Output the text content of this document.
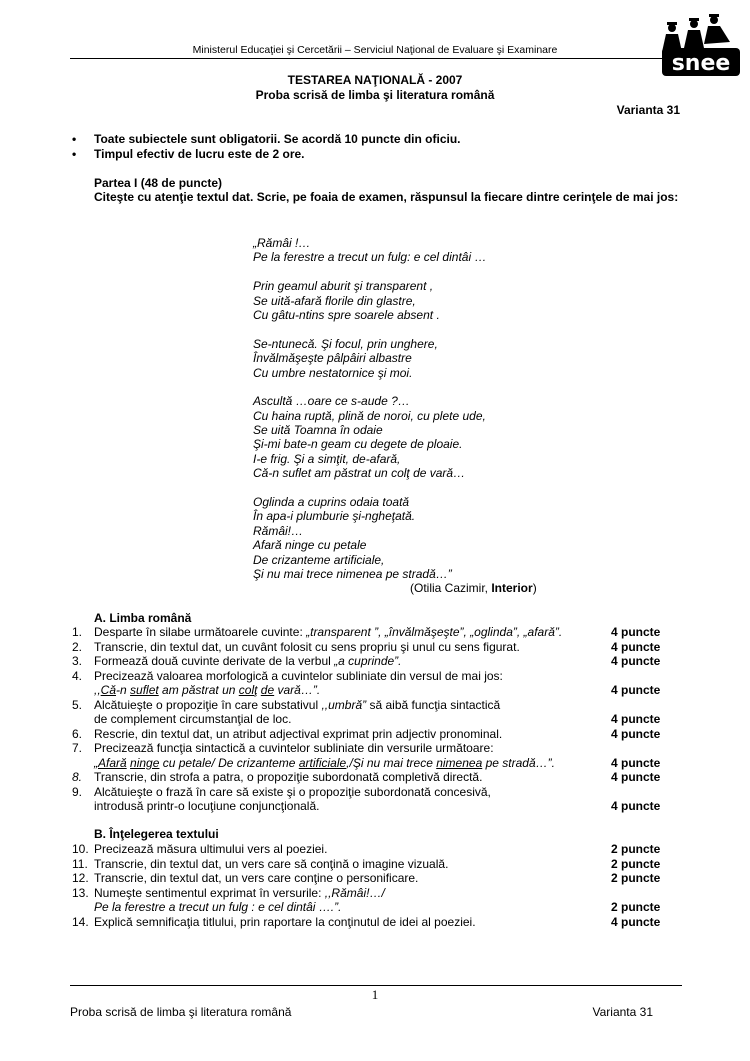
Ministerul Educaţiei şi Cercetării – Serviciul Naţional de Evaluare şi Examinare
snee
TESTAREA NAŢIONALĂ - 2007
Proba scrisă de limba şi literatura română
Varianta 31
• Toate subiectele sunt obligatorii. Se acordă 10 puncte din oficiu.
• Timpul efectiv de lucru este de 2 ore.
Partea I (48 de puncte)
Citeşte cu atenţie textul dat. Scrie, pe foaia de examen, răspunsul la fiecare dintre cerinţele de mai jos:
„Rămâi !…
Pe la ferestre a trecut un fulg: e cel dintâi …
Prin geamul aburit şi transparent ,
Se uită-afară florile din glastre,
Cu gâtu-ntins spre soarele absent .
Se-ntunecă. Şi focul, prin unghere,
Învălmăşeşte pâlpâiri albastre
Cu umbre nestatornice şi moi.
Ascultă …oare ce s-aude ?…
Cu haina ruptă, plină de noroi, cu plete ude,
Se uită Toamna în odaie
Şi-mi bate-n geam cu degete de ploaie.
I-e frig. Şi a simţit, de-afară,
Că-n suflet am păstrat un colţ de vară…
Oglinda a cuprins odaia toată
În apa-i plumburie şi-ngheţată.
Rămâi!…
Afară ninge cu petale
De crizanteme artificiale,
Şi nu mai trece nimenea pe stradă…”
(Otilia Cazimir, Interior)
A. Limba română
1. Desparte în silabe următoarele cuvinte: „transparent ”, „învălmăşeşte”, „oglinda”, „afară”.	4 puncte
2. Transcrie, din textul dat, un cuvânt folosit cu sens propriu şi unul cu sens figurat.	4 puncte
3. Formează două cuvinte derivate de la verbul „a cuprinde”.	4 puncte
4. Precizează valoarea morfologică a cuvintelor subliniate din versul de mai jos:
,,Că-n suflet am păstrat un colţ de vară…”.	4 puncte
5. Alcătuieşte o propoziţie în care substativul ,,umbră” să aibă funcţia sintactică
de complement circumstanţial de loc.	4 puncte
6. Rescrie, din textul dat, un atribut adjectival exprimat prin adjectiv pronominal.	4 puncte
7. Precizează funcţia sintactică a cuvintelor subliniate din versurile următoare:
„Afară ninge cu petale/ De crizanteme artificiale,/Şi nu mai trece nimenea pe stradă…”.	4 puncte
8. Transcrie, din strofa a patra, o propoziţie subordonată completivă directă.	4 puncte
9. Alcătuieşte o frază în care să existe şi o propoziţie subordonată concesivă,
introdusă printr-o locuţiune conjuncţională.	4 puncte
B. Înţelegerea textului
10. Precizează măsura ultimului vers al poeziei.	2 puncte
11. Transcrie, din textul dat, un vers care să conţină o imagine vizuală.	2 puncte
12. Transcrie, din textul dat, un vers care conţine o personificare.	2 puncte
13. Numeşte sentimentul exprimat în versurile: ,,Rămâi!…/
Pe la ferestre a trecut un fulg : e cel dintâi ….”.	2 puncte
14. Explică semnificaţia titlului, prin raportare la conţinutul de idei al poeziei.	4 puncte
1
Proba scrisă de limba şi literatura română	Varianta 31
